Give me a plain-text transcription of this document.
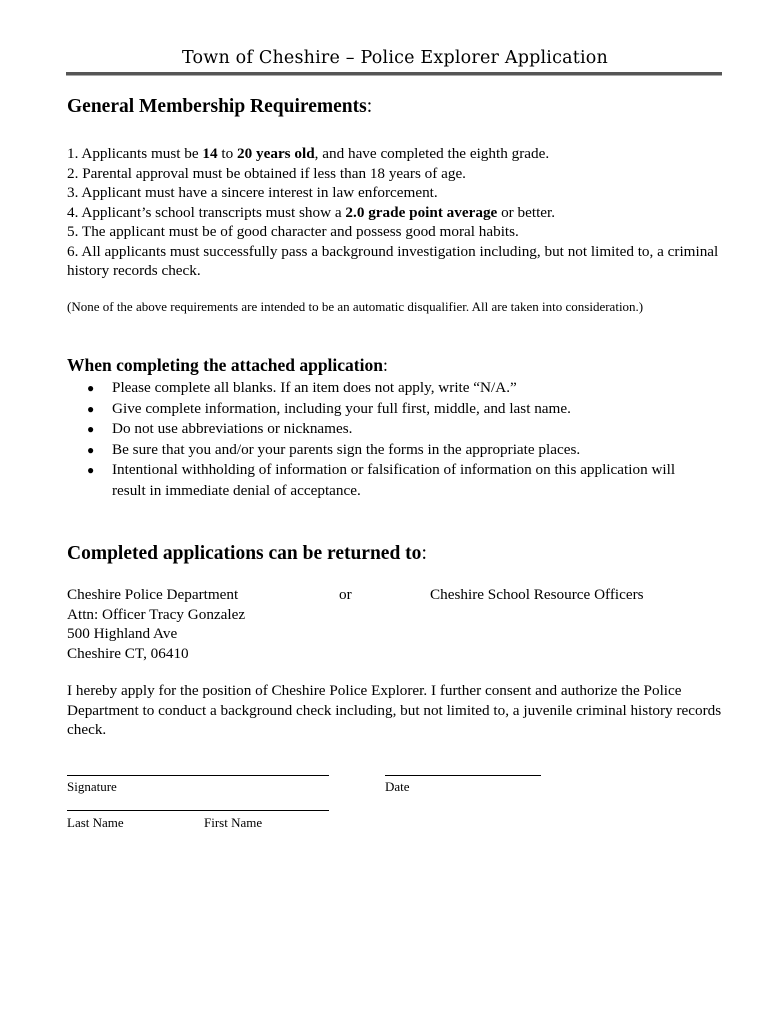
Town of Cheshire – Police Explorer Application
General Membership Requirements:
1. Applicants must be 14 to 20 years old, and have completed the eighth grade.
2. Parental approval must be obtained if less than 18 years of age.
3. Applicant must have a sincere interest in law enforcement.
4. Applicant’s school transcripts must show a 2.0 grade point average or better.
5. The applicant must be of good character and possess good moral habits.
6. All applicants must successfully pass a background investigation including, but not limited to, a criminal history records check.
(None of the above requirements are intended to be an automatic disqualifier. All are taken into consideration.)
When completing the attached application:
● Please complete all blanks. If an item does not apply, write “N/A.”
● Give complete information, including your full first, middle, and last name.
● Do not use abbreviations or nicknames.
● Be sure that you and/or your parents sign the forms in the appropriate places.
● Intentional withholding of information or falsification of information on this application will result in immediate denial of acceptance.
Completed applications can be returned to:
Cheshire Police Department
Attn: Officer Tracy Gonzalez
500 Highland Ave
Cheshire CT, 06410
or	Cheshire School Resource Officers
I hereby apply for the position of Cheshire Police Explorer. I further consent and authorize the Police Department to conduct a background check including, but not limited to, a juvenile criminal history records check.
Signature	Date
Last Name	First Name
